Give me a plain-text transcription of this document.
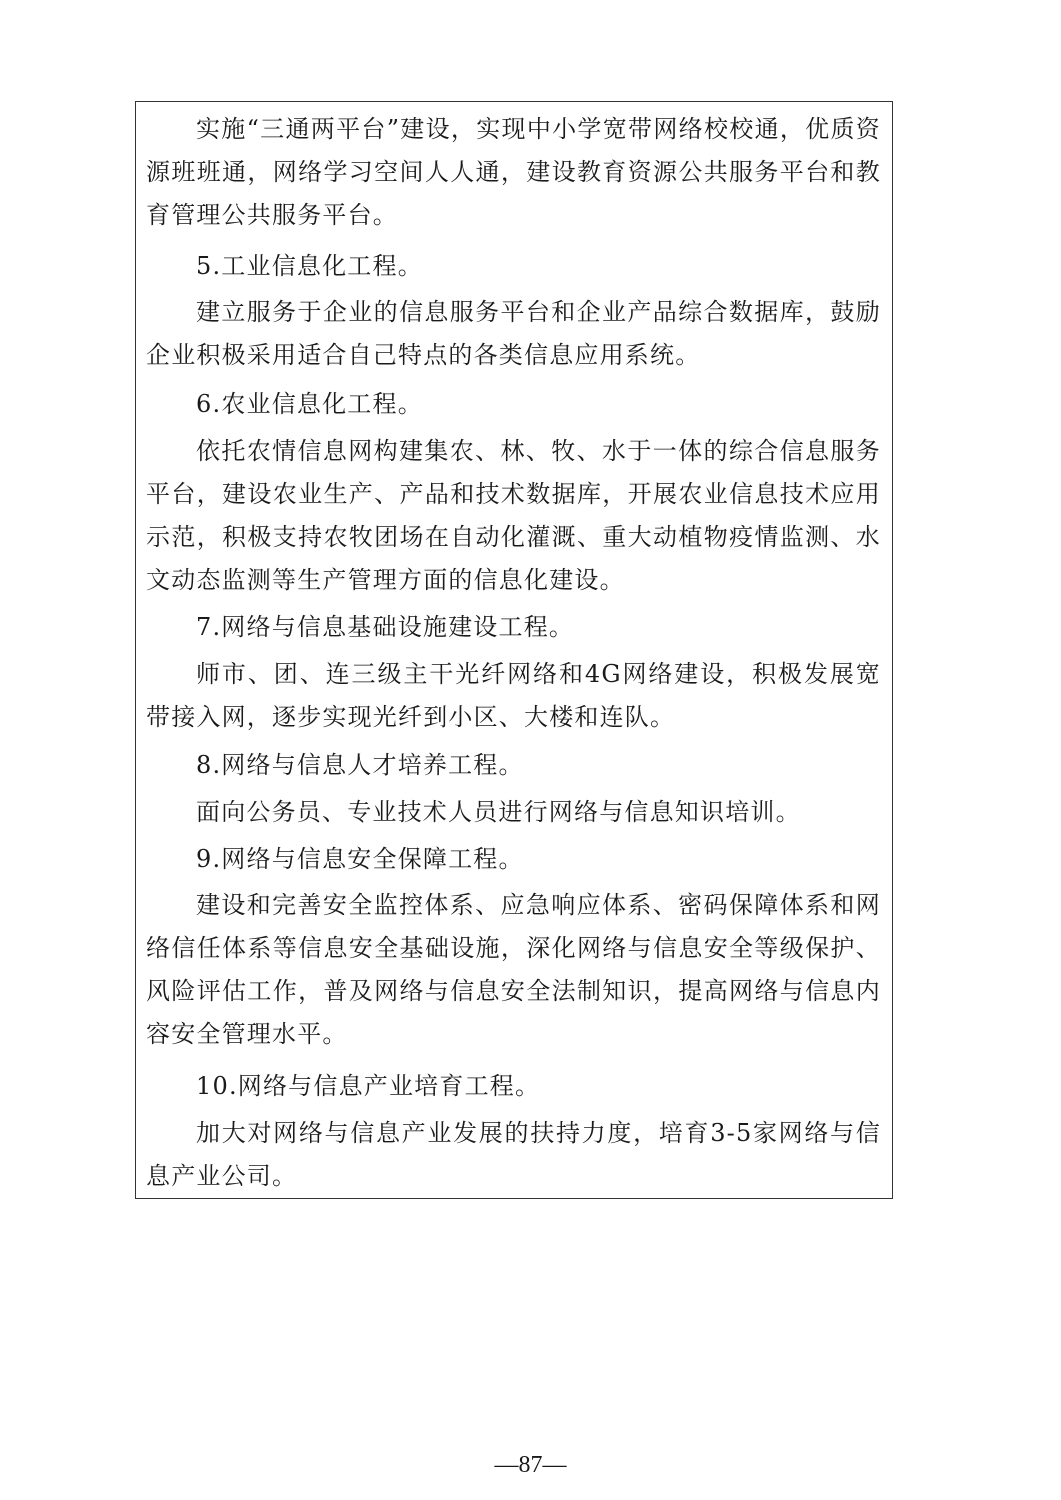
实施“三通两平台”建设，实现中小学宽带网络校校通，优质资源班班通，网络学习空间人人通，建设教育资源公共服务平台和教育管理公共服务平台。

5.工业信息化工程。

建立服务于企业的信息服务平台和企业产品综合数据库，鼓励企业积极采用适合自己特点的各类信息应用系统。

6.农业信息化工程。

依托农情信息网构建集农、林、牧、水于一体的综合信息服务平台，建设农业生产、产品和技术数据库，开展农业信息技术应用示范，积极支持农牧团场在自动化灌溉、重大动植物疫情监测、水文动态监测等生产管理方面的信息化建设。

7.网络与信息基础设施建设工程。

师市、团、连三级主干光纤网络和4G网络建设，积极发展宽带接入网，逐步实现光纤到小区、大楼和连队。

8.网络与信息人才培养工程。

面向公务员、专业技术人员进行网络与信息知识培训。

9.网络与信息安全保障工程。

建设和完善安全监控体系、应急响应体系、密码保障体系和网络信任体系等信息安全基础设施，深化网络与信息安全等级保护、风险评估工作，普及网络与信息安全法制知识，提高网络与信息内容安全管理水平。

10.网络与信息产业培育工程。

加大对网络与信息产业发展的扶持力度，培育3-5家网络与信息产业公司。

—87—
